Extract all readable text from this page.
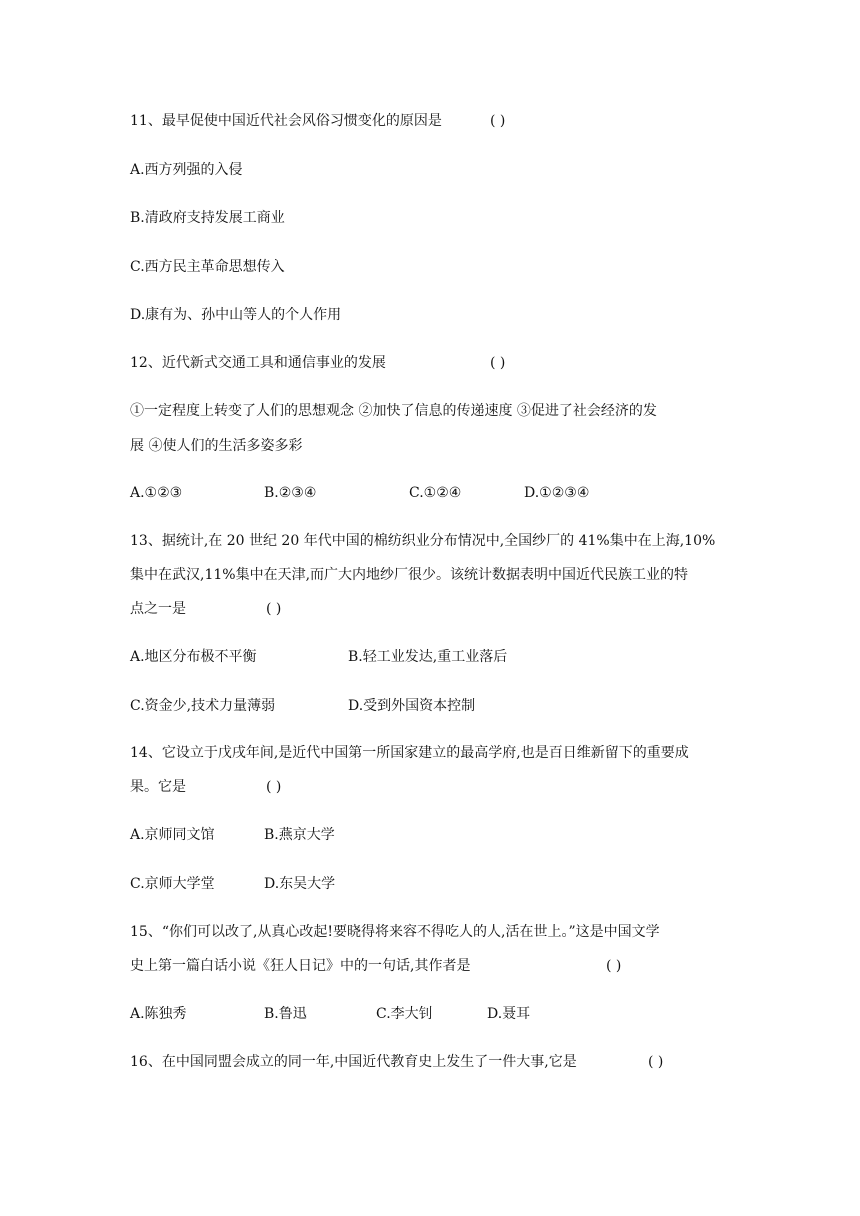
11、最早促使中国近代社会风俗习惯变化的原因是	( )
A.西方列强的入侵
B.清政府支持发展工商业
C.西方民主革命思想传入
D.康有为、孙中山等人的个人作用
12、近代新式交通工具和通信事业的发展	( )
①一定程度上转变了人们的思想观念 ②加快了信息的传递速度 ③促进了社会经济的发
展 ④使人们的生活多姿多彩
A.①②③	B.②③④	C.①②④	D.①②③④
13、据统计,在 20 世纪 20 年代中国的棉纺织业分布情况中,全国纱厂的 41%集中在上海,10%
集中在武汉,11%集中在天津,而广大内地纱厂很少。该统计数据表明中国近代民族工业的特
点之一是	( )
A.地区分布极不平衡	B.轻工业发达,重工业落后
C.资金少,技术力量薄弱	D.受到外国资本控制
14、它设立于戊戌年间,是近代中国第一所国家建立的最高学府,也是百日维新留下的重要成
果。它是	( )
A.京师同文馆	B.燕京大学
C.京师大学堂	D.东吴大学
15、“你们可以改了,从真心改起!要晓得将来容不得吃人的人,活在世上。”这是中国文学
史上第一篇白话小说《狂人日记》中的一句话,其作者是	( )
A.陈独秀	B.鲁迅	C.李大钊	D.聂耳
16、在中国同盟会成立的同一年,中国近代教育史上发生了一件大事,它是	( )
